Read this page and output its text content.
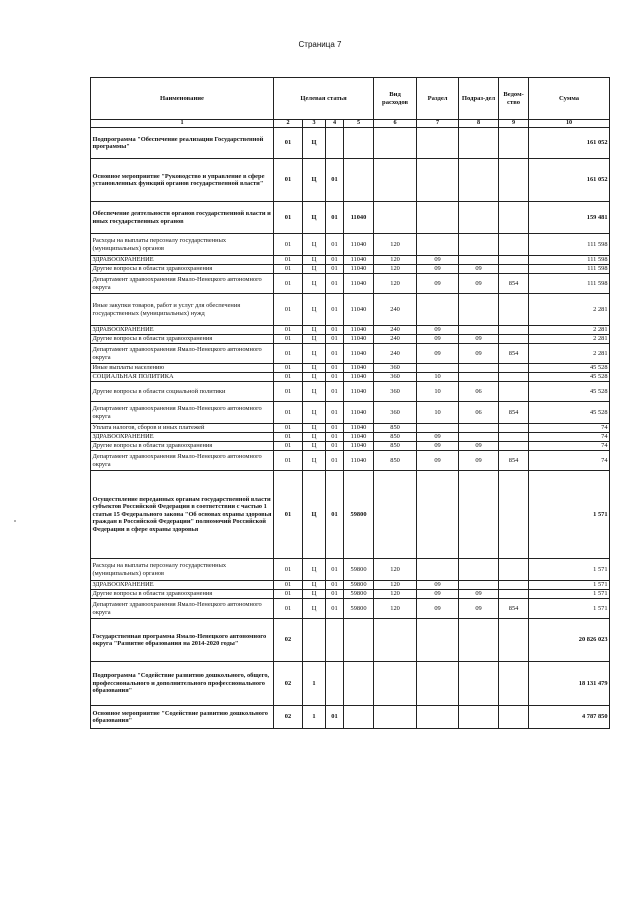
Страница 7
Наименование	Целевая статья				Вид расходов	Раздел	Подраз-дел	Ведом-ство	Сумма
1	2	3	4	5	6	7	8	9	10
Подпрограмма "Обеспечение реализации Государственной программы"	01	Ц							161 052
Основное мероприятие "Руководство и управление в сфере установленных функций органов государственной власти"	01	Ц	01						161 052
Обеспечение деятельности органов государственной власти и иных государственных органов	01	Ц	01	11040					159 481
Расходы на выплаты персоналу государственных (муниципальных) органов	01	Ц	01	11040	120				111 598
ЗДРАВООХРАНЕНИЕ	01	Ц	01	11040	120	09			111 598
Другие вопросы в области здравоохранения	01	Ц	01	11040	120	09	09		111 598
Департамент здравоохранения Ямало-Ненецкого автономного округа	01	Ц	01	11040	120	09	09	854	111 598
Иные закупки товаров, работ и услуг для обеспечения государственных (муниципальных) нужд	01	Ц	01	11040	240				2 281
ЗДРАВООХРАНЕНИЕ	01	Ц	01	11040	240	09			2 281
Другие вопросы в области здравоохранения	01	Ц	01	11040	240	09	09		2 281
Департамент здравоохранения Ямало-Ненецкого автономного округа	01	Ц	01	11040	240	09	09	854	2 281
Иные выплаты населению	01	Ц	01	11040	360				45 528
СОЦИАЛЬНАЯ ПОЛИТИКА	01	Ц	01	11040	360	10			45 528
Другие вопросы в области социальной политики	01	Ц	01	11040	360	10	06		45 528
Департамент здравоохранения Ямало-Ненецкого автономного округа	01	Ц	01	11040	360	10	06	854	45 528
Уплата налогов, сборов и иных платежей	01	Ц	01	11040	850				74
ЗДРАВООХРАНЕНИЕ	01	Ц	01	11040	850	09			74
Другие вопросы в области здравоохранения	01	Ц	01	11040	850	09	09		74
Департамент здравоохранения Ямало-Ненецкого автономного округа	01	Ц	01	11040	850	09	09	854	74
Осуществление переданных органам государственной власти субъектов Российской Федерации в соответствии с частью 1 статьи 15 Федерального закона "Об основах охраны здоровья граждан в Российской Федерации" полномочий Российской Федерации в сфере охраны здоровья	01	Ц	01	59800					1 571
Расходы на выплаты персоналу государственных (муниципальных) органов	01	Ц	01	59800	120				1 571
ЗДРАВООХРАНЕНИЕ	01	Ц	01	59800	120	09			1 571
Другие вопросы в области здравоохранения	01	Ц	01	59800	120	09	09		1 571
Департамент здравоохранения Ямало-Ненецкого автономного округа	01	Ц	01	59800	120	09	09	854	1 571
Государственная программа Ямало-Ненецкого автономного округа "Развитие образования на 2014-2020 годы"	02								20 826 023
Подпрограмма "Содействие развитию дошкольного, общего, профессионального и дополнительного профессионального образования"	02	1							18 131 479
Основное мероприятие "Содействие развитию дошкольного образования"	02	1	01						4 787 850
